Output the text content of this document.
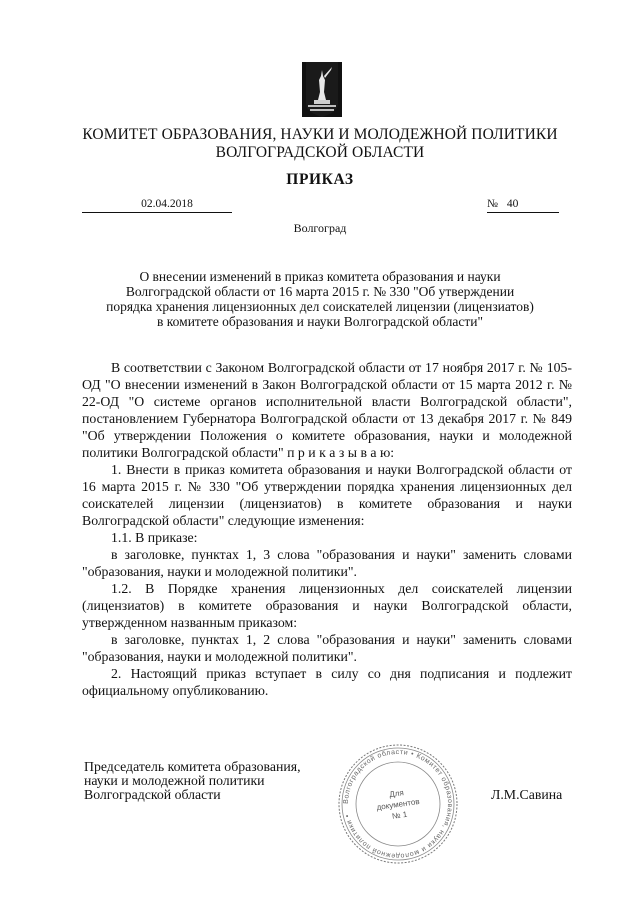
КОМИТЕТ ОБРАЗОВАНИЯ, НАУКИ И МОЛОДЕЖНОЙ ПОЛИТИКИ
ВОЛГОГРАДСКОЙ ОБЛАСТИ
ПРИКАЗ
02.04.2018	№ 40
Волгоград
О внесении изменений в приказ комитета образования и науки
Волгоградской области от 16 марта 2015 г. № 330 "Об утверждении
порядка хранения лицензионных дел соискателей лицензии (лицензиатов)
в комитете образования и науки Волгоградской области"

В соответствии с Законом Волгоградской области от 17 ноября 2017 г. № 105-ОД "О внесении изменений в Закон Волгоградской области от 15 марта 2012 г. № 22-ОД "О системе органов исполнительной власти Волгоградской области", постановлением Губернатора Волгоградской области от 13 декабря 2017 г. № 849 "Об утверждении Положения о комитете образования, науки и молодежной политики Волгоградской области" п р и к а з ы в а ю:

1. Внести в приказ комитета образования и науки Волгоградской области от 16 марта 2015 г. № 330 "Об утверждении порядка хранения лицензионных дел соискателей лицензии (лицензиатов) в комитете образования и науки Волгоградской области" следующие изменения:

1.1. В приказе:

в заголовке, пунктах 1, 3 слова "образования и науки" заменить словами "образования, науки и молодежной политики".

1.2. В Порядке хранения лицензионных дел соискателей лицензии (лицензиатов) в комитете образования и науки Волгоградской области, утвержденном названным приказом:

в заголовке, пунктах 1, 2 слова "образования и науки" заменить словами "образования, науки и молодежной политики".

2. Настоящий приказ вступает в силу со дня подписания и подлежит официальному опубликованию.

Председатель комитета образования,
науки и молодежной политики
Волгоградской области	Л.М.Савина
Волгоградской области • Комитет образования, науки и молодежной политики •
Для
документов
№ 1
